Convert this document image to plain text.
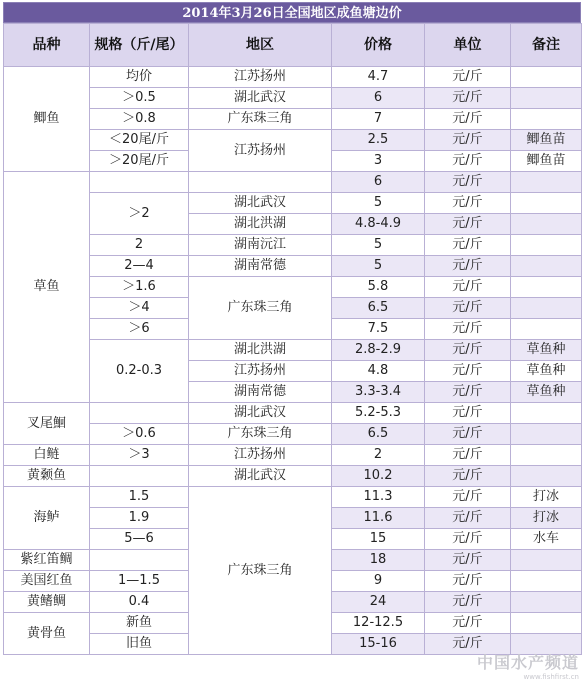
2014年3月26日全国地区成鱼塘边价
品种	规格（斤/尾）	地区	价格	单位	备注
鲫鱼	均价	江苏扬州	4.7	元/斤	
	＞0.5	湖北武汉	6	元/斤	
	＞0.8	广东珠三角	7	元/斤	
	＜20尾/斤	江苏扬州	2.5	元/斤	鲫鱼苗
	＞20尾/斤		3	元/斤	鲫鱼苗
草鱼			6	元/斤	
	＞2	湖北武汉	5	元/斤	
		湖北洪湖	4.8-4.9	元/斤	
	2	湖南沅江	5	元/斤	
	2—4	湖南常德	5	元/斤	
	＞1.6	广东珠三角	5.8	元/斤	
	＞4		6.5	元/斤	
	＞6		7.5	元/斤	
	0.2-0.3	湖北洪湖	2.8-2.9	元/斤	草鱼种
		江苏扬州	4.8	元/斤	草鱼种
		湖南常德	3.3-3.4	元/斤	草鱼种
叉尾鮰		湖北武汉	5.2-5.3	元/斤	
	＞0.6	广东珠三角	6.5	元/斤	
白鲢	＞3	江苏扬州	2	元/斤	
黄颡鱼		湖北武汉	10.2	元/斤	
海鲈	1.5	广东珠三角	11.3	元/斤	打冰
	1.9		11.6	元/斤	打冰
	5—6		15	元/斤	水车
紫红笛鲷			18	元/斤	
美国红鱼	1—1.5		9	元/斤	
黄鳍鲷	0.4		24	元/斤	
黄骨鱼	新鱼		12-12.5	元/斤	
	旧鱼		15-16	元/斤	
中国水产频道
www.fishfirst.cn
